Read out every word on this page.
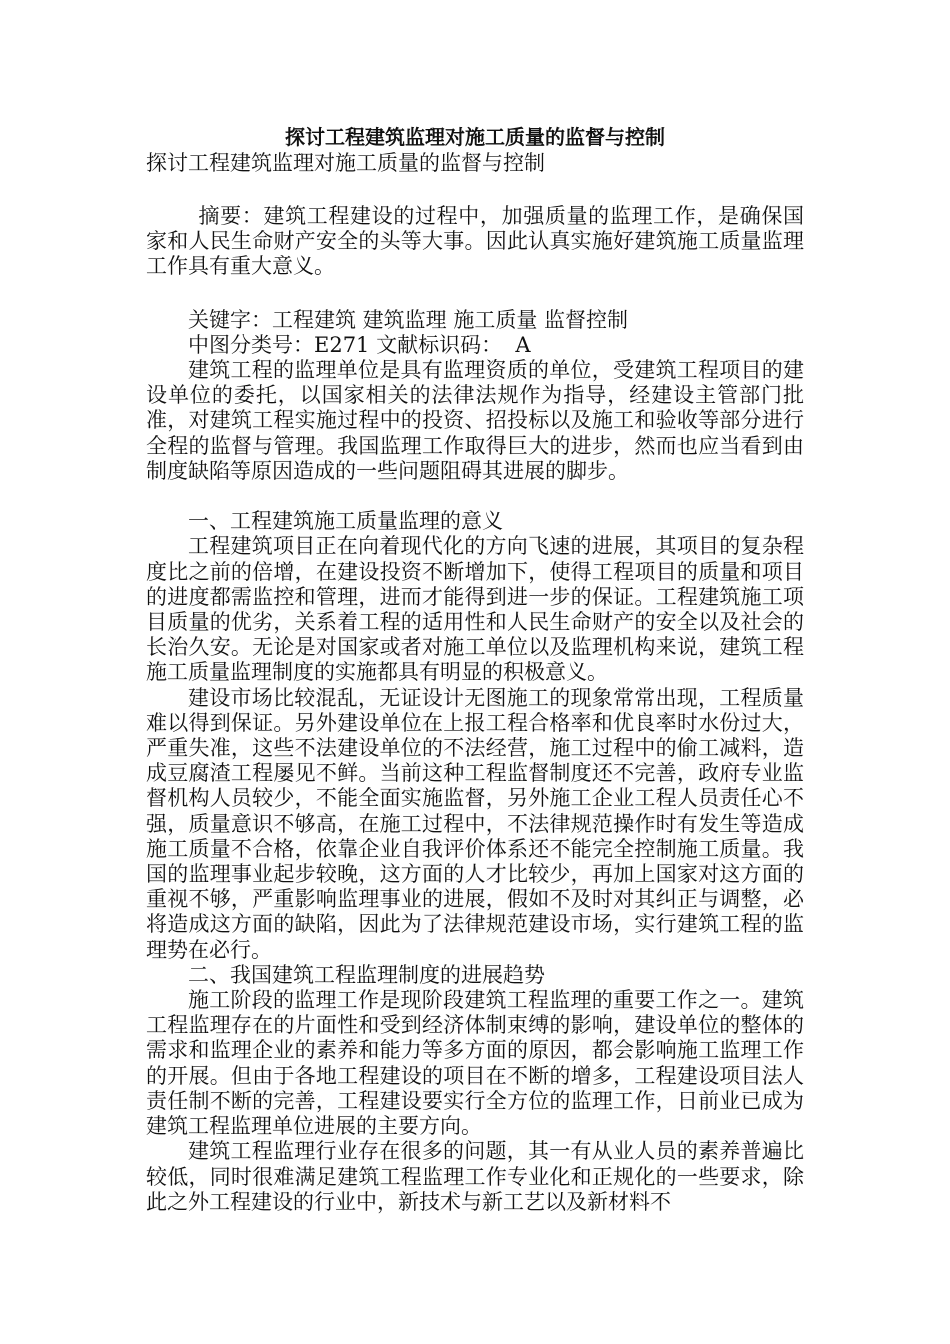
探讨工程建筑监理对施工质量的监督与控制

探讨工程建筑监理对施工质量的监督与控制

摘要：建筑工程建设的过程中，加强质量的监理工作，是确保国家和人民生命财产安全的头等大事。因此认真实施好建筑施工质量监理工作具有重大意义。

关键字：工程建筑 建筑监理 施工质量 监督控制

中图分类号：E271 文献标识码：  A

建筑工程的监理单位是具有监理资质的单位，受建筑工程项目的建设单位的委托，以国家相关的法律法规作为指导，经建设主管部门批准，对建筑工程实施过程中的投资、招投标以及施工和验收等部分进行全程的监督与管理。我国监理工作取得巨大的进步，然而也应当看到由制度缺陷等原因造成的一些问题阻碍其进展的脚步。

一、工程建筑施工质量监理的意义

工程建筑项目正在向着现代化的方向飞速的进展，其项目的复杂程度比之前的倍增，在建设投资不断增加下，使得工程项目的质量和项目的进度都需监控和管理，进而才能得到进一步的保证。工程建筑施工项目质量的优劣，关系着工程的适用性和人民生命财产的安全以及社会的长治久安。无论是对国家或者对施工单位以及监理机构来说，建筑工程施工质量监理制度的实施都具有明显的积极意义。

建设市场比较混乱，无证设计无图施工的现象常常出现，工程质量难以得到保证。另外建设单位在上报工程合格率和优良率时水份过大，严重失准，这些不法建设单位的不法经营，施工过程中的偷工减料，造成豆腐渣工程屡见不鲜。当前这种工程监督制度还不完善，政府专业监督机构人员较少，不能全面实施监督，另外施工企业工程人员责任心不强，质量意识不够高，在施工过程中，不法律规范操作时有发生等造成施工质量不合格，依靠企业自我评价体系还不能完全控制施工质量。我国的监理事业起步较晚，这方面的人才比较少，再加上国家对这方面的重视不够，严重影响监理事业的进展，假如不及时对其纠正与调整，必将造成这方面的缺陷，因此为了法律规范建设市场，实行建筑工程的监理势在必行。

二、我国建筑工程监理制度的进展趋势

施工阶段的监理工作是现阶段建筑工程监理的重要工作之一。建筑工程监理存在的片面性和受到经济体制束缚的影响，建设单位的整体的需求和监理企业的素养和能力等多方面的原因，都会影响施工监理工作的开展。但由于各地工程建设的项目在不断的增多，工程建设项目法人责任制不断的完善，工程建设要实行全方位的监理工作，日前业已成为建筑工程监理单位进展的主要方向。

建筑工程监理行业存在很多的问题，其一有从业人员的素养普遍比较低，同时很难满足建筑工程监理工作专业化和正规化的一些要求，除此之外工程建设的行业中，新技术与新工艺以及新材料不
